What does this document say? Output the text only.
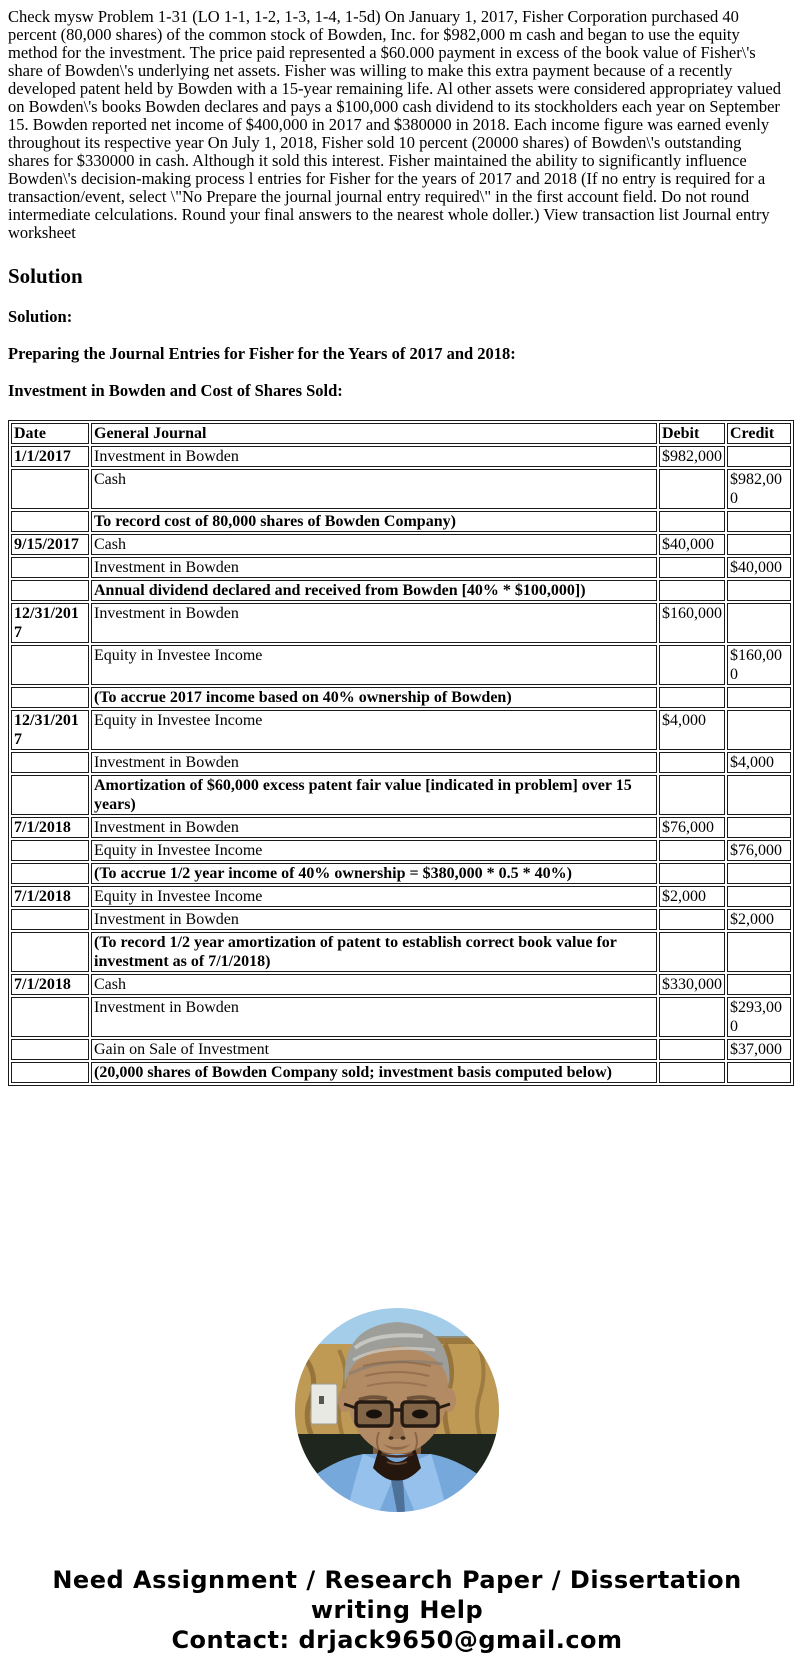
Check mysw Problem 1-31 (LO 1-1, 1-2, 1-3, 1-4, 1-5d) On January 1, 2017, Fisher Corporation purchased 40 percent (80,000 shares) of the common stock of Bowden, Inc. for $982,000 m cash and began to use the equity method for the investment. The price paid represented a $60.000 payment in excess of the book value of Fisher\'s share of Bowden\'s underlying net assets. Fisher was willing to make this extra payment because of a recently developed patent held by Bowden with a 15-year remaining life. Al other assets were considered appropriatey valued on Bowden\'s books Bowden declares and pays a $100,000 cash dividend to its stockholders each year on September 15. Bowden reported net income of $400,000 in 2017 and $380000 in 2018. Each income figure was earned evenly throughout its respective year On July 1, 2018, Fisher sold 10 percent (20000 shares) of Bowden\'s outstanding shares for $330000 in cash. Although it sold this interest. Fisher maintained the ability to significantly influence Bowden\'s decision-making process l entries for Fisher for the years of 2017 and 2018 (If no entry is required for a transaction/event, select \"No Prepare the journal journal entry required\" in the first account field. Do not round intermediate celculations. Round your final answers to the nearest whole doller.) View transaction list Journal entry worksheet

Solution

Solution:

Preparing the Journal Entries for Fisher for the Years of 2017 and 2018:

Investment in Bowden and Cost of Shares Sold:

Date	General Journal	Debit	Credit
1/1/2017	Investment in Bowden	$982,000	
	Cash		$982,000
	To record cost of 80,000 shares of Bowden Company)		
9/15/2017	Cash	$40,000	
	Investment in Bowden		$40,000
	Annual dividend declared and received from Bowden [40% * $100,000])		
12/31/2017	Investment in Bowden	$160,000	
	Equity in Investee Income		$160,000
	(To accrue 2017 income based on 40% ownership of Bowden)		
12/31/2017	Equity in Investee Income	$4,000	
	Investment in Bowden		$4,000
	Amortization of $60,000 excess patent fair value [indicated in problem] over 15 years)		
7/1/2018	Investment in Bowden	$76,000	
	Equity in Investee Income		$76,000
	(To accrue 1/2 year income of 40% ownership = $380,000 * 0.5 * 40%)		
7/1/2018	Equity in Investee Income	$2,000	
	Investment in Bowden		$2,000
	(To record 1/2 year amortization of patent to establish correct book value for investment as of 7/1/2018)		
7/1/2018	Cash	$330,000	
	Investment in Bowden		$293,000
	Gain on Sale of Investment		$37,000
	(20,000 shares of Bowden Company sold; investment basis computed below)		

Need Assignment / Research Paper / Dissertation writing Help

Contact: drjack9650@gmail.com
